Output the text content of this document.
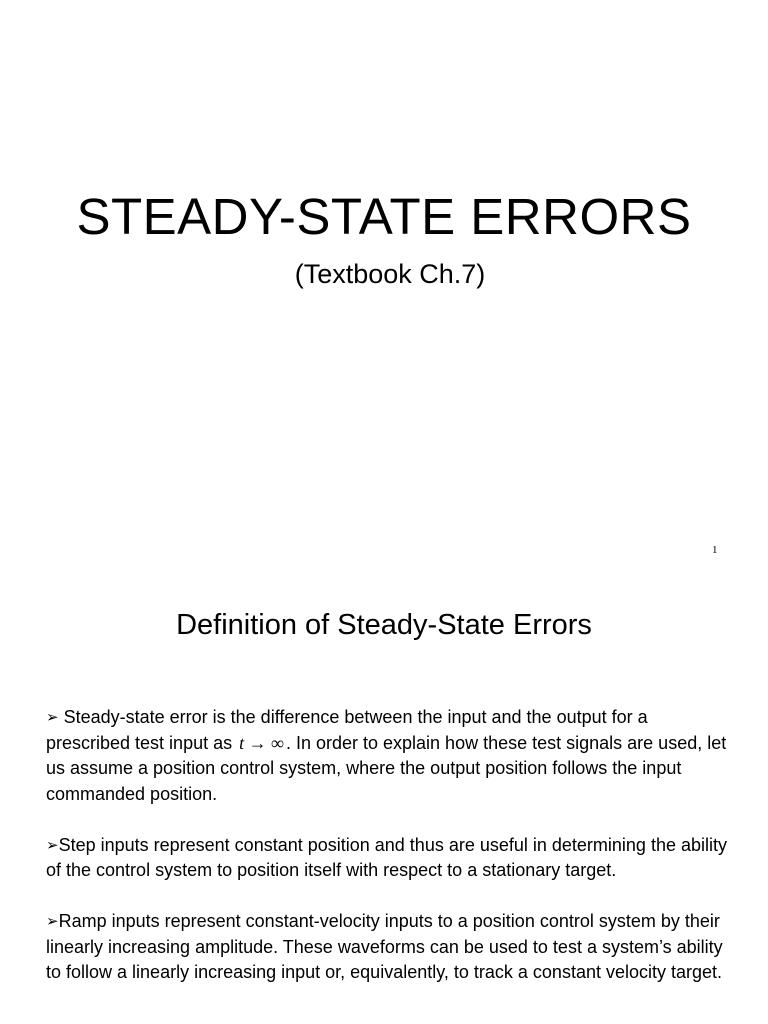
STEADY-STATE ERRORS
(Textbook Ch.7)
1
Definition of Steady-State Errors

➢ Steady-state error is the difference between the input and the output for a prescribed test input as t → ∞ . In order to explain how these test signals are used, let us assume a position control system, where the output position follows the input commanded position.

➢Step inputs represent constant position and thus are useful in determining the ability of the control system to position itself with respect to a stationary target.

➢Ramp inputs represent constant-velocity inputs to a position control system by their linearly increasing amplitude. These waveforms can be used to test a system’s ability to follow a linearly increasing input or, equivalently, to track a constant velocity target.
